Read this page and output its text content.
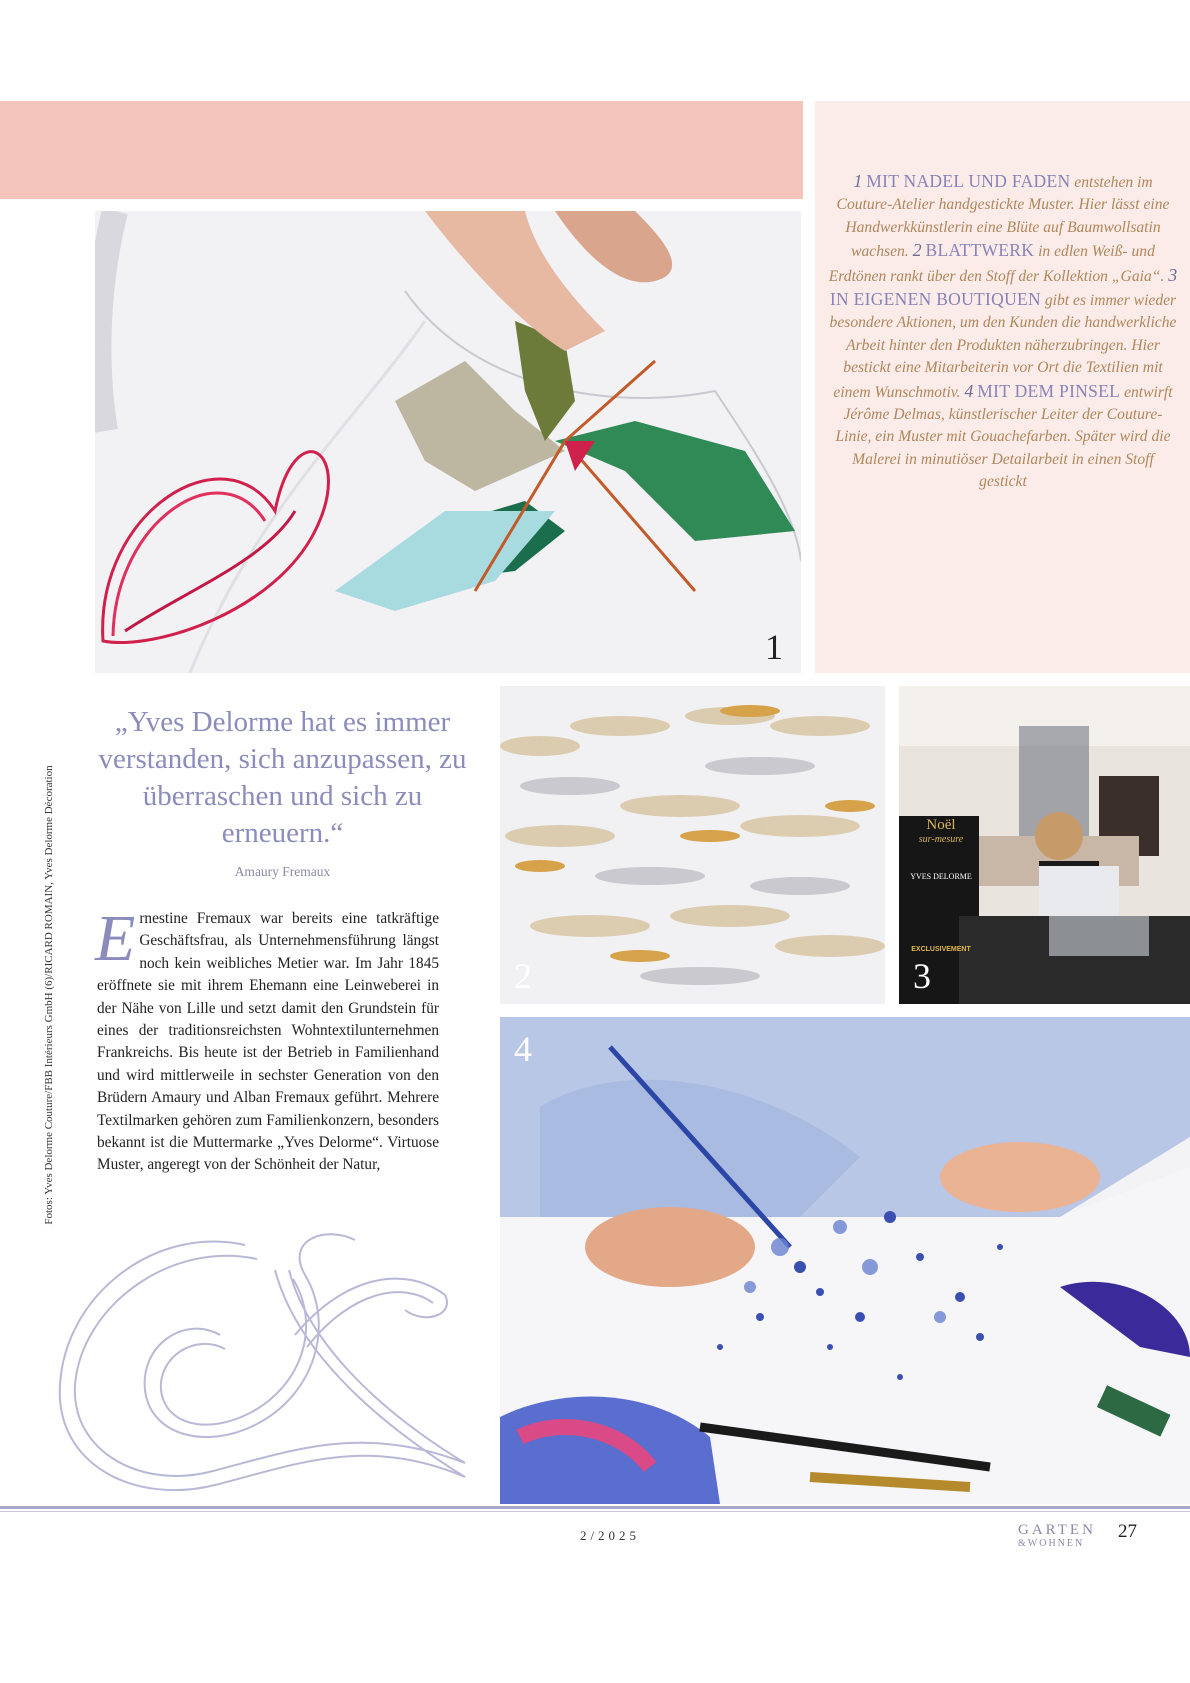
1 MIT NADEL UND FADEN entstehen im Couture-Atelier handgestickte Muster. Hier lässt eine Handwerkkünstlerin eine Blüte auf Baumwollsatin wachsen. 2 BLATTWERK in edlen Weiß- und Erdtönen rankt über den Stoff der Kollektion „Gaia“. 3 IN EIGENEN BOUTIQUEN gibt es immer wieder besondere Aktionen, um den Kunden die handwerkliche Arbeit hinter den Produkten näherzubringen. Hier bestickt eine Mitarbeiterin vor Ort die Textilien mit einem Wunschmotiv. 4 MIT DEM PINSEL entwirft Jérôme Delmas, künstlerischer Leiter der Couture-Linie, ein Muster mit Gouachefarben. Später wird die Malerei in minutiöser Detailarbeit in einen Stoff gestickt
1
2
Noël
sur-mesure
YVES DELORME
EXCLUSIVEMENT
3
4
Fotos: Yves Delorme Couture/FBB Intérieurs GmbH (6)/RICARD ROMAIN, Yves Delorme Décoration
„Yves Delorme hat es immer verstanden, sich anzupassen, zu überraschen und sich zu erneuern.“
Amaury Fremaux
Ernestine Fremaux war bereits eine tatkräftige Geschäftsfrau, als Unternehmensführung längst noch kein weibliches Metier war. Im Jahr 1845 eröffnete sie mit ihrem Ehemann eine Leinweberei in der Nähe von Lille und setzt damit den Grundstein für eines der traditionsreichsten Wohntextilunternehmen Frankreichs. Bis heute ist der Betrieb in Familienhand und wird mittlerweile in sechster Generation von den Brüdern Amaury und Alban Fremaux geführt. Mehrere Textilmarken gehören zum Familienkonzern, besonders bekannt ist die Muttermarke „Yves Delorme“. Virtuose Muster, angeregt von der Schönheit der Natur,
2/2025	GARTEN
&WOHNEN
27
